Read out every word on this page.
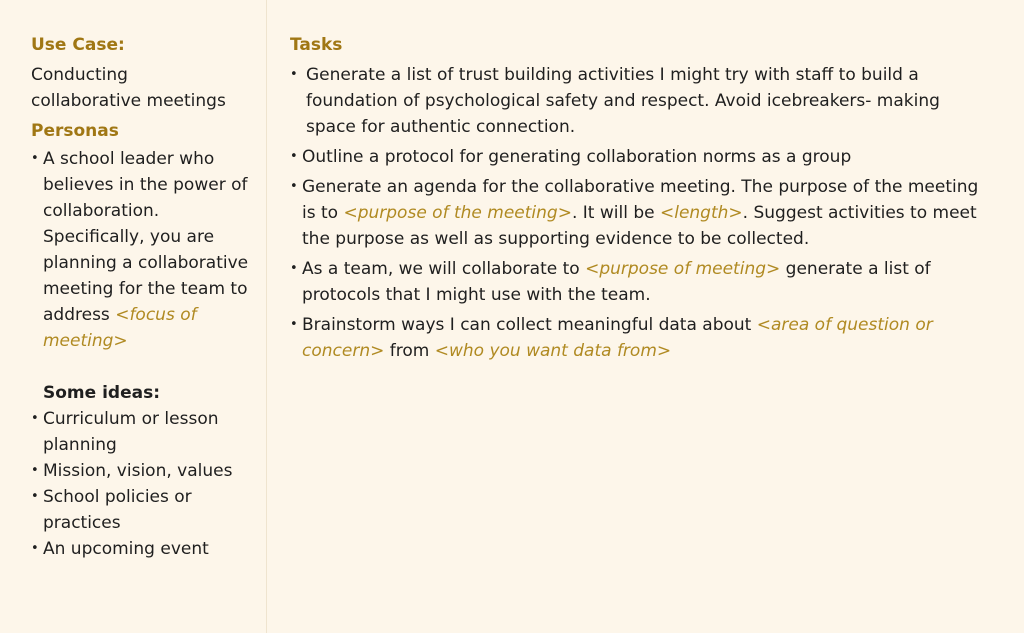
Use Case:
Conducting
collaborative meetings
Personas
• A school leader who believes in the power of collaboration. Specifically, you are planning a collaborative meeting for the team to address <focus of meeting>
Some ideas:
• Curriculum or lesson planning
• Mission, vision, values
• School policies or practices
• An upcoming event
Tasks
• Generate a list of trust building activities I might try with staff to build a foundation of psychological safety and respect. Avoid icebreakers- making space for authentic connection.
• Outline a protocol for generating collaboration norms as a group
• Generate an agenda for the collaborative meeting. The purpose of the meeting is to <purpose of the meeting>. It will be <length>. Suggest activities to meet the purpose as well as supporting evidence to be collected.
• As a team, we will collaborate to <purpose of meeting> generate a list of protocols that I might use with the team.
• Brainstorm ways I can collect meaningful data about <area of question or concern> from <who you want data from>
